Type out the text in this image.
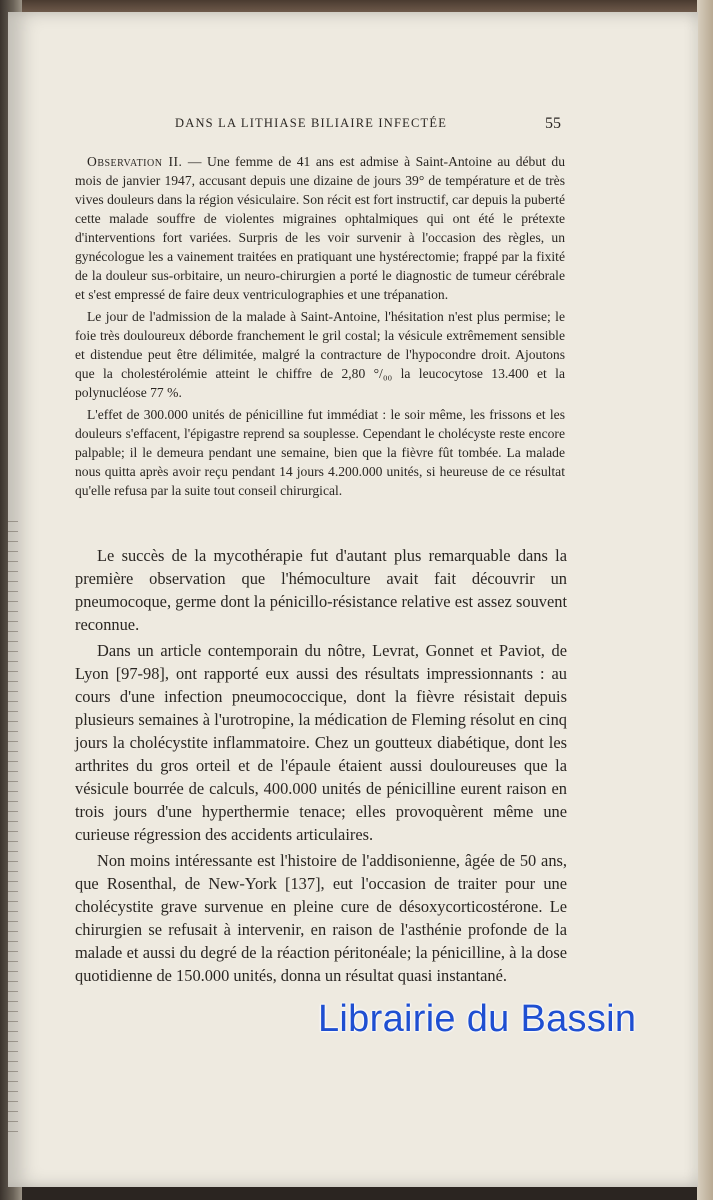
DANS LA LITHIASE BILIAIRE INFECTÉE	55

Observation II. — Une femme de 41 ans est admise à Saint-Antoine au début du mois de janvier 1947, accusant depuis une dizaine de jours 39° de température et de très vives douleurs dans la région vésiculaire. Son récit est fort instructif, car depuis la puberté cette malade souffre de violentes migraines ophtalmiques qui ont été le prétexte d'interventions fort variées. Surpris de les voir survenir à l'occasion des règles, un gynécologue les a vainement traitées en pratiquant une hystérectomie; frappé par la fixité de la douleur sus-orbitaire, un neuro-chirurgien a porté le diagnostic de tumeur cérébrale et s'est empressé de faire deux ventriculographies et une trépanation.

Le jour de l'admission de la malade à Saint-Antoine, l'hésitation n'est plus permise; le foie très douloureux déborde franchement le gril costal; la vésicule extrêmement sensible et distendue peut être délimitée, malgré la contracture de l'hypocondre droit. Ajoutons que la cholestérolémie atteint le chiffre de 2,80 °/₀₀ la leucocytose 13.400 et la polynucléose 77 %.

L'effet de 300.000 unités de pénicilline fut immédiat : le soir même, les frissons et les douleurs s'effacent, l'épigastre reprend sa souplesse. Cependant le cholécyste reste encore palpable; il le demeura pendant une semaine, bien que la fièvre fût tombée. La malade nous quitta après avoir reçu pendant 14 jours 4.200.000 unités, si heureuse de ce résultat qu'elle refusa par la suite tout conseil chirurgical.

Le succès de la mycothérapie fut d'autant plus remarquable dans la première observation que l'hémoculture avait fait découvrir un pneumocoque, germe dont la pénicillo-résistance relative est assez souvent reconnue.

Dans un article contemporain du nôtre, Levrat, Gonnet et Paviot, de Lyon [97-98], ont rapporté eux aussi des résultats impressionnants : au cours d'une infection pneumococcique, dont la fièvre résistait depuis plusieurs semaines à l'urotropine, la médication de Fleming résolut en cinq jours la cholécystite inflammatoire. Chez un goutteux diabétique, dont les arthrites du gros orteil et de l'épaule étaient aussi douloureuses que la vésicule bourrée de calculs, 400.000 unités de pénicilline eurent raison en trois jours d'une hyperthermie tenace; elles provoquèrent même une curieuse régression des accidents articulaires.

Non moins intéressante est l'histoire de l'addisonienne, âgée de 50 ans, que Rosenthal, de New-York [137], eut l'occasion de traiter pour une cholécystite grave survenue en pleine cure de désoxycorticostérone. Le chirurgien se refusait à intervenir, en raison de l'asthénie profonde de la malade et aussi du degré de la réaction péritonéale; la pénicilline, à la dose quotidienne de 150.000 unités, donna un résultat quasi instantané.

Librairie du Bassin
